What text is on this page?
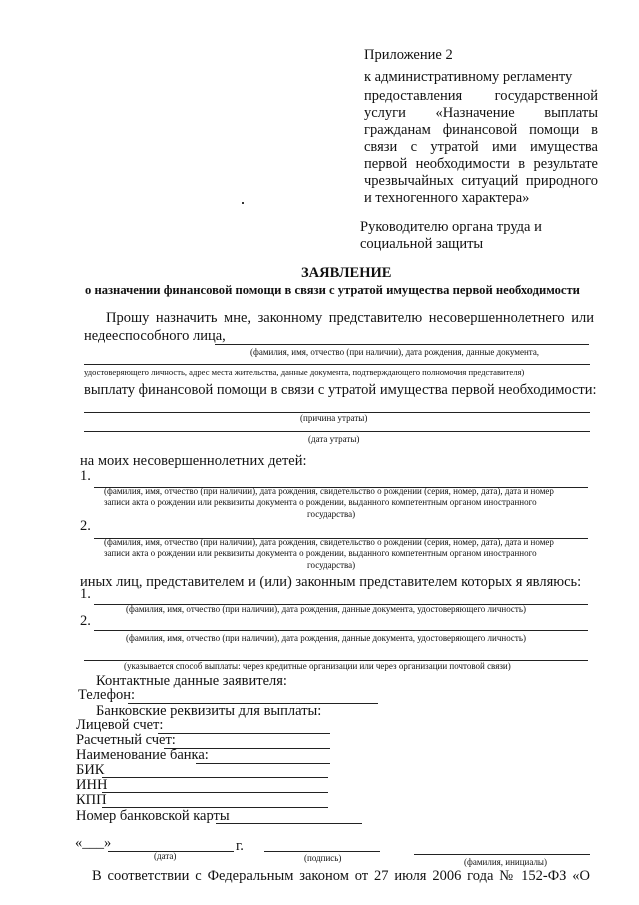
Приложение 2
к административному регламенту
предоставления государственной
услуги «Назначение выплаты
гражданам финансовой помощи в
связи с утратой ими имущества
первой необходимости в результате
чрезвычайных ситуаций природного
и техногенного характера»
Руководителю органа труда и
социальной защиты
ЗАЯВЛЕНИЕ
о назначении финансовой помощи в связи с утратой имущества первой необходимости
Прошу назначить мне, законному представителю несовершеннолетнего или
недееспособного лица,
(фамилия, имя, отчество (при наличии), дата рождения, данные документа,
удостоверяющего личность, адрес места жительства, данные документа, подтверждающего полномочия представителя)
выплату финансовой помощи в связи с утратой имущества первой необходимости:
(причина утраты)
(дата утраты)
на моих несовершеннолетних детей:
1.
(фамилия, имя, отчество (при наличии), дата рождения, свидетельство о рождении (серия, номер, дата), дата и номер
записи акта о рождении или реквизиты документа о рождении, выданного компетентным органом иностранного
государства)
2.
(фамилия, имя, отчество (при наличии), дата рождения, свидетельство о рождении (серия, номер, дата), дата и номер
записи акта о рождении или реквизиты документа о рождении, выданного компетентным органом иностранного
государства)
иных лиц, представителем и (или) законным представителем которых я являюсь:
1.
(фамилия, имя, отчество (при наличии), дата рождения, данные документа, удостоверяющего личность)
2.
(фамилия, имя, отчество (при наличии), дата рождения, данные документа, удостоверяющего личность)
(указывается способ выплаты: через кредитные организации или через организации почтовой связи)
Контактные данные заявителя:
Телефон:
Банковские реквизиты для выплаты:
Лицевой счет:
Расчетный счет:
Наименование банка:
БИК
ИНН
КПП
Номер банковской карты
«___»	г.
(дата)	(подпись)	(фамилия, инициалы)
В соответствии с Федеральным законом от 27 июля 2006 года № 152-ФЗ «О
